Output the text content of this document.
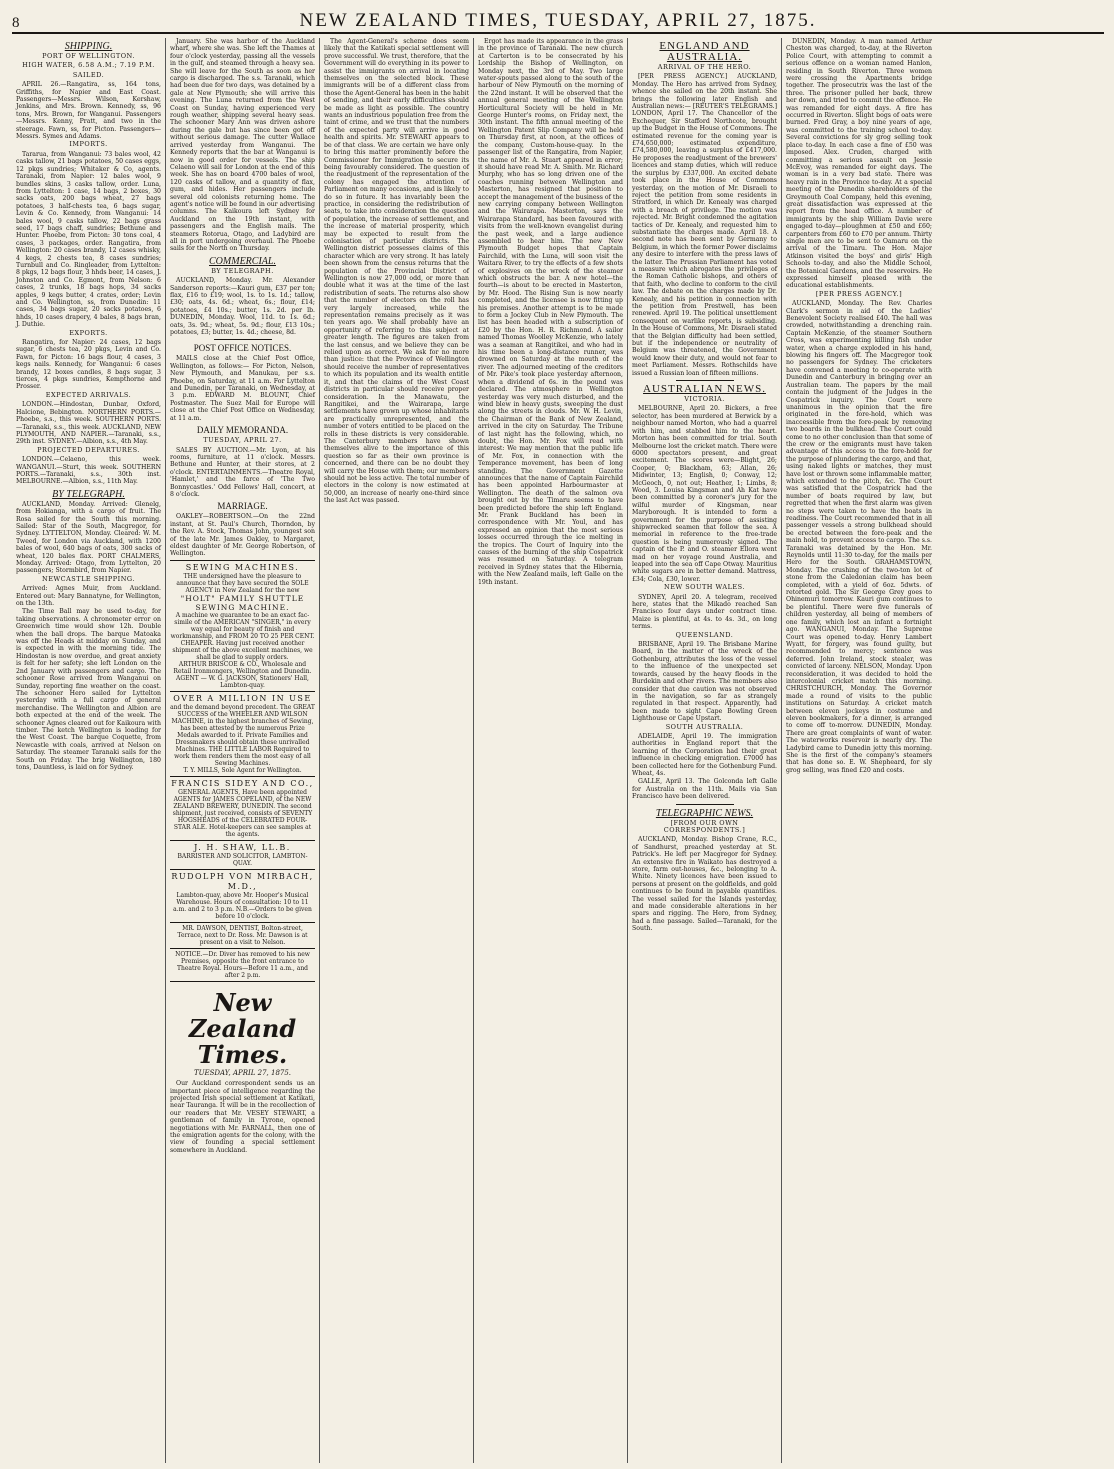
8	NEW ZEALAND TIMES, TUESDAY, APRIL 27, 1875.
SHIPPING.
PORT OF WELLINGTON.
HIGH WATER, 6.58 A.M.; 7.19 P.M.
SAILED.

APRIL 26.—Rangatira, ss, 164 tons, Griffiths, for Napier and East Coast. Passengers—Messrs. Wilson, Kershaw, Jenkins, and Mrs. Brown. Kennedy, ss, 96 tons, Mrs. Brown, for Wanganui. Passengers—Messrs. Kenny, Pratt, and two in the steerage. Fawn, ss, for Picton. Passengers—Messrs. Symes and Adams.

IMPORTS.

Tararua, from Wanganui: 73 bales wool, 42 casks tallow, 21 bags potatoes, 50 cases eggs, 12 pkgs sundries; Whitaker & Co, agents. Taranaki, from Napier: 12 bales wool, 9 bundles skins, 3 casks tallow, order. Luna, from Lyttelton: 1 case, 14 bags, 2 boxes, 30 sacks oats, 200 bags wheat, 27 bags potatoes, 3 half-chests tea, 6 bags sugar, Levin & Co. Kennedy, from Wanganui: 14 bales wool, 9 casks tallow, 22 bags grass seed, 17 bags chaff, sundries; Bethune and Hunter. Phoebe, from Picton: 30 tons coal, 4 cases, 3 packages, order. Rangatira, from Wellington: 20 cases brandy, 12 cases whisky, 4 kegs, 2 chests tea, 8 cases sundries; Turnbull and Co. Ringleader, from Lyttelton: 8 pkgs, 12 bags flour, 3 hhds beer, 14 cases, J. Johnston and Co. Egmont, from Nelson: 6 cases, 2 trunks, 18 bags hops, 34 sacks apples, 9 kegs butter, 4 crates, order; Levin and Co. Wellington, ss, from Dunedin: 11 cases, 34 bags sugar, 20 sacks potatoes, 6 hhds, 10 cases drapery, 4 bales, 8 bags bran, J. Duthie.

EXPORTS.

Rangatira, for Napier: 24 cases, 12 bags sugar, 6 chests tea, 20 pkgs, Levin and Co. Fawn, for Picton: 16 bags flour, 4 cases, 3 kegs nails. Kennedy, for Wanganui: 6 cases brandy, 12 boxes candles, 8 bags sugar, 3 tierces, 4 pkgs sundries, Kempthorne and Prosser.

EXPECTED ARRIVALS.

LONDON.—Hindostan, Dunbar, Oxford, Halcione, Bebington. NORTHERN PORTS.—Phoebe, s.s., this week. SOUTHERN PORTS.—Taranaki, s.s., this week. AUCKLAND, NEW PLYMOUTH, AND NAPIER.—Taranaki, s.s., 29th inst. SYDNEY.—Albion, s.s., 4th May.

PROJECTED DEPARTURES.

LONDON.—Celaeno, this week. WANGANUI.—Sturt, this week. SOUTHERN PORTS.—Taranaki, s.s., 30th inst. MELBOURNE.—Albion, s.s., 11th May.

BY TELEGRAPH.

AUCKLAND, Monday. Arrived: Glenelg, from Hokianga, with a cargo of fruit. The Rosa sailed for the South this morning. Sailed: Star of the South, Macgregor, for Sydney. LYTTELTON, Monday. Cleared: W. M. Tweed, for London via Auckland, with 1200 bales of wool, 640 bags of oats, 300 sacks of wheat, 120 bales flax. PORT CHALMERS, Monday. Arrived: Otago, from Lyttelton, 20 passengers; Stormbird, from Napier.

NEWCASTLE SHIPPING.

Arrived: Agnes Muir, from Auckland. Entered out: Mary Bannatyne, for Wellington, on the 13th.

The Time Ball may be used to-day, for taking observations. A chronometer error on Greenwich time would show 12h. Double when the ball drops. The barque Matoaka was off the Heads at midday on Sunday, and is expected in with the morning tide. The Hindostan is now overdue, and great anxiety is felt for her safety; she left London on the 2nd January with passengers and cargo. The schooner Rose arrived from Wanganui on Sunday, reporting fine weather on the coast. The schooner Hero sailed for Lyttelton yesterday with a full cargo of general merchandise. The Wellington and Albion are both expected at the end of the week. The schooner Agnes cleared out for Kaikoura with timber. The ketch Wellington is loading for the West Coast. The barque Coquette, from Newcastle with coals, arrived at Nelson on Saturday. The steamer Taranaki sails for the South on Friday. The brig Wellington, 180 tons, Dauntless, is laid on for Sydney.

January. She was harbor of the Auckland wharf, where she was. She left the Thames at four o'clock yesterday, passing all the vessels in the gulf, and steamed through a heavy sea. She will leave for the South as soon as her cargo is discharged. The s.s. Taranaki, which had been due for two days, was detained by a gale at New Plymouth; she will arrive this evening. The Luna returned from the West Coast on Sunday, having experienced very rough weather, shipping several heavy seas. The schooner Mary Ann was driven ashore during the gale but has since been got off without serious damage. The cutter Wallace arrived yesterday from Wanganui. The Kennedy reports that the bar at Wanganui is now in good order for vessels. The ship Celaeno will sail for London at the end of this week. She has on board 4700 bales of wool, 120 casks of tallow, and a quantity of flax, gum, and hides. Her passengers include several old colonists returning home. The agent's notice will be found in our advertising columns. The Kaikoura left Sydney for Auckland on the 19th instant, with passengers and the English mails. The steamers Rotorua, Otago, and Ladybird are all in port undergoing overhaul. The Phoebe sails for the North on Thursday.

COMMERCIAL.
BY TELEGRAPH.

AUCKLAND, Monday. Mr. Alexander Sanderson reports:—Kauri gum, £37 per ton; flax, £16 to £19; wool, 1s. to 1s. 1d.; tallow, £30; oats, 4s. 6d.; wheat, 6s.; flour, £14; potatoes, £4 10s.; butter, 1s. 2d. per lb. DUNEDIN, Monday. Wool, 11d. to 1s. 6d.; oats, 3s. 9d.; wheat, 5s. 9d.; flour, £13 10s.; potatoes, £3; butter, 1s. 4d.; cheese, 8d.

POST OFFICE NOTICES.

MAILS close at the Chief Post Office, Wellington, as follows:— For Picton, Nelson, New Plymouth, and Manukau, per s.s. Phoebe, on Saturday, at 11 a.m. For Lyttelton and Dunedin, per Taranaki, on Wednesday, at 3 p.m. EDWARD M. BLOUNT, Chief Postmaster. The Suez Mail for Europe will close at the Chief Post Office on Wednesday, at 11 a.m.

DAILY MEMORANDA.
TUESDAY, APRIL 27.

SALES BY AUCTION.—Mr. Lyon, at his rooms, furniture, at 11 o'clock. Messrs. Bethune and Hunter, at their stores, at 2 o'clock. ENTERTAINMENTS.—Theatre Royal, 'Hamlet,' and the farce of 'The Two Bonnycastles.' Odd Fellows' Hall, concert, at 8 o'clock.

MARRIAGE.

OAKLEY—ROBERTSON.—On the 22nd instant, at St. Paul's Church, Thorndon, by the Rev. A. Stock, Thomas John, youngest son of the late Mr. James Oakley, to Margaret, eldest daughter of Mr. George Robertson, of Wellington.

SEWING MACHINES.
THE undersigned have the pleasure to announce that they have secured the SOLE AGENCY in New Zealand for the new
"HOLT" FAMILY SHUTTLE SEWING MACHINE.
A machine we guarantee to be an exact fac-simile of the AMERICAN "SINGER," in every way equal for beauty of finish and workmanship, and FROM 20 TO 25 PER CENT. CHEAPER. Having just received another shipment of the above excellent machines, we shall be glad to supply orders.
ARTHUR BRISCOE & CO., Wholesale and Retail Ironmongers, Wellington and Dunedin.
AGENT — W. G. JACKSON, Stationers' Hall, Lambton-quay.
OVER A MILLION IN USE
and the demand beyond precedent. The GREAT SUCCESS of the WHEELER AND WILSON MACHINE, in the highest branches of Sewing, has been attested by the numerous Prize Medals awarded to it. Private Families and Dressmakers should obtain these unrivalled Machines. THE LITTLE LABOR Required to work them renders them the most easy of all Sewing Machines.
T. Y. MILLS, Sole Agent for Wellington.
FRANCIS SIDEY AND CO.,
GENERAL AGENTS, Have been appointed AGENTS for JAMES COPELAND, of the NEW ZEALAND BREWERY, DUNEDIN. The second shipment, just received, consists of SEVENTY HOGSHEADS of the CELEBRATED FOUR-STAR ALE. Hotel-keepers can see samples at the agents.
J. H. SHAW, LL.B.
BARRISTER AND SOLICITOR, LAMBTON-QUAY.
RUDOLPH VON MIRBACH, M.D.,
Lambton-quay, above Mr. Hooper's Musical Warehouse. Hours of consultation: 10 to 11 a.m. and 2 to 3 p.m. N.B.—Orders to be given before 10 o'clock.
MR. DAWSON, DENTIST, Bolton-street, Terrace, next to Dr. Ross. Mr. Dawson is at present on a visit to Nelson.
NOTICE.—Dr. Diver has removed to his new Premises, opposite the front entrance to Theatre Royal. Hours—Before 11 a.m., and after 2 p.m.
New Zealand Times.
TUESDAY, APRIL 27, 1875.

Our Auckland correspondent sends us an important piece of intelligence regarding the projected Irish special settlement at Katikati, near Tauranga. It will be in the recollection of our readers that Mr. VESEY STEWART, a gentleman of family in Tyrone, opened negotiations with Mr. FARNALL, then one of the emigration agents for the colony, with the view of founding a special settlement somewhere in Auckland.

The Agent-General's scheme does seem likely that the Katikati special settlement will prove successful. We trust, therefore, that the Government will do everything in its power to assist the immigrants on arrival in locating themselves on the selected block. These immigrants will be of a different class from those the Agent-General has been in the habit of sending, and their early difficulties should be made as light as possible. The country wants an industrious population free from the taint of crime, and we trust that the numbers of the expected party will arrive in good health and spirits. Mr. STEWART appears to be of that class. We are certain we have only to bring this matter prominently before the Commissioner for Immigration to secure its being favourably considered. The question of the readjustment of the representation of the colony has engaged the attention of Parliament on many occasions, and is likely to do so in future. It has invariably been the practice, in considering the redistribution of seats, to take into consideration the question of population, the increase of settlement, and the increase of material prosperity, which may be expected to result from the colonisation of particular districts. The Wellington district possesses claims of this character which are very strong. It has lately been shown from the census returns that the population of the Provincial District of Wellington is now 27,000 odd, or more than double what it was at the time of the last redistribution of seats. The returns also show that the number of electors on the roll has very largely increased, while the representation remains precisely as it was ten years ago. We shall probably have an opportunity of referring to this subject at greater length. The figures are taken from the last census, and we believe they can be relied upon as correct. We ask for no more than justice: that the Province of Wellington should receive the number of representatives to which its population and its wealth entitle it, and that the claims of the West Coast districts in particular should receive proper consideration. In the Manawatu, the Rangitikei, and the Wairarapa, large settlements have grown up whose inhabitants are practically unrepresented, and the number of voters entitled to be placed on the rolls in these districts is very considerable. The Canterbury members have shown themselves alive to the importance of this question so far as their own province is concerned, and there can be no doubt they will carry the House with them; our members should not be less active. The total number of electors in the colony is now estimated at 50,000, an increase of nearly one-third since the last Act was passed.

Ergot has made its appearance in the grass in the province of Taranaki. The new church at Carterton is to be consecrated by his Lordship the Bishop of Wellington, on Monday next, the 3rd of May. Two large water-spouts passed along to the south of the harbour of New Plymouth on the morning of the 22nd instant. It will be observed that the annual general meeting of the Wellington Horticultural Society will be held in Mr. George Hunter's rooms, on Friday next, the 30th instant. The fifth annual meeting of the Wellington Patent Slip Company will be held on Thursday first, at noon, at the offices of the company, Custom-house-quay. In the passenger list of the Rangatira, from Napier, the name of Mr. A. Stuart appeared in error; it should have read Mr. A. Smith. Mr. Richard Murphy, who has so long driven one of the coaches running between Wellington and Masterton, has resigned that position to accept the management of the business of the new carrying company between Wellington and the Wairarapa. Masterton, says the Wairarapa Standard, has been favoured with visits from the well-known evangelist during the past week, and a large audience assembled to hear him. The new New Plymouth Budget hopes that Captain Fairchild, with the Luna, will soon visit the Waitara River, to try the effects of a few shots of explosives on the wreck of the steamer which obstructs the bar. A new hotel—the fourth—is about to be erected in Masterton, by Mr. Hood. The Rising Sun is now nearly completed, and the licensee is now fitting up his premises. Another attempt is to be made to form a Jockey Club in New Plymouth. The list has been headed with a subscription of £20 by the Hon. H. R. Richmond. A sailor named Thomas Woolley McKenzie, who lately was a seaman at Rangitikei, and who had in his time been a long-distance runner, was drowned on Saturday at the mouth of the river. The adjourned meeting of the creditors of Mr. Pike's took place yesterday afternoon, when a dividend of 6s. in the pound was declared. The atmosphere in Wellington yesterday was very much disturbed, and the wind blew in heavy gusts, sweeping the dust along the streets in clouds. Mr. W. H. Levin, the Chairman of the Bank of New Zealand, arrived in the city on Saturday. The Tribune of last night has the following, which, no doubt, the Hon. Mr. Fox will read with interest: We may mention that the public life of Mr. Fox, in connection with the Temperance movement, has been of long standing. The Government Gazette announces that the name of Captain Fairchild has been appointed Harbourmaster at Wellington. The death of the salmon ova brought out by the Timaru seems to have been predicted before the ship left England. Mr. Frank Buckland has been in correspondence with Mr. Youl, and has expressed an opinion that the most serious losses occurred through the ice melting in the tropics. The Court of Inquiry into the causes of the burning of the ship Cospatrick was resumed on Saturday. A telegram received in Sydney states that the Hibernia, with the New Zealand mails, left Galle on the 19th instant.

ENGLAND AND AUSTRALIA.
ARRIVAL OF THE HERO.

[PER PRESS AGENCY.] AUCKLAND, Monday. The Hero has arrived from Sydney, whence she sailed on the 20th instant. She brings the following later English and Australian news:— [REUTER'S TELEGRAMS.] LONDON, April 17. The Chancellor of the Exchequer, Sir Stafford Northcote, brought up the Budget in the House of Commons. The estimated revenue for the coming year is £74,650,000; estimated expenditure, £74,580,000, leaving a surplus of £417,000. He proposes the readjustment of the brewers' licences and stamp duties, which will reduce the surplus by £337,000. An excited debate took place in the House of Commons yesterday, on the motion of Mr. Disraeli to reject the petition from some residents in Stratford, in which Dr. Kenealy was charged with a breach of privilege. The motion was rejected. Mr. Bright condemned the agitation tactics of Dr. Kenealy, and requested him to substantiate the charges made. April 18. A second note has been sent by Germany to Belgium, in which the former Power disclaims any desire to interfere with the press laws of the latter. The Prussian Parliament has voted a measure which abrogates the privileges of the Roman Catholic bishops, and others of that faith, who decline to conform to the civil law. The debate on the charges made by Dr. Kenealy, and his petition in connection with the petition from Prestwell, has been renewed. April 19. The political unsettlement consequent on warlike reports, is subsiding. In the House of Commons, Mr. Disraeli stated that the Belgian difficulty had been settled, but if the independence or neutrality of Belgium was threatened, the Government would know their duty, and would not fear to meet Parliament. Messrs. Rothschilds have issued a Russian loan of fifteen millions.

AUSTRALIAN NEWS.
VICTORIA.

MELBOURNE, April 20. Bickers, a free selector, has been murdered at Berwick by a neighbour named Morton, who had a quarrel with him, and stabbed him to the heart. Morton has been committed for trial. South Melbourne lost the cricket match. There were 6000 spectators present, and great excitement. The scores were—Blight, 26; Cooper, 0; Blackham, 63; Allan, 26; Midwinter, 13; English, 0; Conway, 12; McGeoch, 0, not out; Heather, 1; Limbs, 8; Wood, 3. Louisa Kingsman and Ah Kat have been committed by a coroner's jury for the wilful murder of Kingsman, near Maryborough. It is intended to form a government for the purpose of assisting shipwrecked seamen that follow the sea. A memorial in reference to the free-trade question is being numerously signed. The captain of the P. and O. steamer Ellora went mad on her voyage round Australia, and leaped into the sea off Cape Otway. Mauritius white sugars are in better demand. Mattress, £34; Cola, £30, lower.

NEW SOUTH WALES.

SYDNEY, April 20. A telegram, received here, states that the Mikado reached San Francisco four days under contract time. Maize is plentiful, at 4s. to 4s. 3d., on long terms.

QUEENSLAND.

BRISBANE, April 19. The Brisbane Marine Board, in the matter of the wreck of the Gothenburg, attributes the loss of the vessel to the influence of the unexpected set towards, caused by the heavy floods in the Burdekin and other rivers. The members also consider that due caution was not observed in the navigation, so far as strangely regulated in that respect. Apparently, had been made to sight Cape Bowling Green Lighthouse or Cape Upstart.

SOUTH AUSTRALIA.

ADELAIDE, April 19. The immigration authorities in England report that the learning of the Corporation had their great influence in checking emigration. £7000 has been collected here for the Gothenburg Fund. Wheat, 4s.

GALLE, April 13. The Golconda left Galle for Australia on the 11th. Mails via San Francisco have been delivered.

TELEGRAPHIC NEWS.
[FROM OUR OWN CORRESPONDENTS.]

AUCKLAND, Monday. Bishop Crane, R.C., of Sandhurst, preached yesterday at St. Patrick's. He left per Macgregor for Sydney. An extensive fire in Waikato has destroyed a store, farm out-houses, &c., belonging to A. White. Ninety licences have been issued to persons at present on the goldfields, and gold continues to be found in payable quantities. The vessel sailed for the Islands yesterday, and made considerable alterations in her spars and rigging. The Hero, from Sydney, had a fine passage. Sailed—Taranaki, for the South.

DUNEDIN, Monday. A man named Arthur Cheston was charged, to-day, at the Riverton Police Court, with attempting to commit a serious offence on a woman named Hanlon, residing in South Riverton. Three women were crossing the Apartments bridge together. The prosecutrix was the last of the three. The prisoner pulled her back, threw her down, and tried to commit the offence. He was remanded for eight days. A fire has occurred in Riverton. Slight bogs of oats were burned. Fred Gray, a boy nine years of age, was committed to the training school to-day. Several convictions for sly grog selling took place to-day. In each case a fine of £50 was imposed. Alex. Cruden, charged with committing a serious assault on Jessie McEvoy, was remanded for eight days. The woman is in a very bad state. There was heavy rain in the Province to-day. At a special meeting of the Dunedin shareholders of the Greymouth Coal Company, held this evening, great dissatisfaction was expressed at the report from the head office. A number of immigrants by the ship William Davie were engaged to-day—ploughmen at £50 and £60; carpenters from £60 to £70 per annum. Thirty single men are to be sent to Oamaru on the arrival of the Timaru. The Hon. Major Atkinson visited the boys' and girls' High Schools to-day, and also the Middle School, the Botanical Gardens, and the reservoirs. He expressed himself pleased with the educational establishments.

[PER PRESS AGENCY.]

AUCKLAND, Monday. The Rev. Charles Clark's sermon in aid of the Ladies' Benevolent Society realised £40. The hall was crowded, notwithstanding a drenching rain. Captain McKenzie, of the steamer Southern Cross, was experimenting killing fish under water, when a charge exploded in his hand, blowing his fingers off. The Macgregor took no passengers for Sydney. The cricketers have convened a meeting to co-operate with Dunedin and Canterbury in bringing over an Australian team. The papers by the mail contain the judgment of the Judges in the Cospatrick inquiry. The Court were unanimous in the opinion that the fire originated in the fore-hold, which was inaccessible from the fore-peak by removing two boards in the bulkhead. The Court could come to no other conclusion than that some of the crew or the emigrants must have taken advantage of this access to the fore-hold for the purpose of plundering the cargo, and that, using naked lights or matches, they must have lost or thrown some inflammable matter, which extended to the pitch, &c. The Court was satisfied that the Cospatrick had the number of boats required by law, but regretted that when the first alarm was given no steps were taken to have the boats in readiness. The Court recommended that in all passenger vessels a strong bulkhead should be erected between the fore-peak and the main hold, to prevent access to cargo. The s.s. Taranaki was detained by the Hon. Mr. Reynolds until 11:30 to-day, for the mails per Hero for the South. GRAHAMSTOWN, Monday. The crushing of the two-ton lot of stone from the Caledonian claim has been completed, with a yield of 6oz. 5dwts. of retorted gold. The Sir George Grey goes to Ohinemuri tomorrow. Kauri gum continues to be plentiful. There were five funerals of children yesterday, all being of members of one family, which lost an infant a fortnight ago. WANGANUI, Monday. The Supreme Court was opened to-day. Henry Lambert Wyatt, for forgery, was found guilty, but recommended to mercy; sentence was deferred. John Ireland, stock stealer, was convicted of larceny. NELSON, Monday. Upon reconsideration, it was decided to hold the intercolonial cricket match this morning. CHRISTCHURCH, Monday. The Governor made a round of visits to the public institutions on Saturday. A cricket match between eleven jockeys in costume and eleven bookmakers, for a dinner, is arranged to come off to-morrow. DUNEDIN, Monday. There are great complaints of want of water. The waterworks reservoir is nearly dry. The Ladybird came to Dunedin jetty this morning. She is the first of the company's steamers that has done so. E. W. Shepheard, for sly grog selling, was fined £20 and costs.
